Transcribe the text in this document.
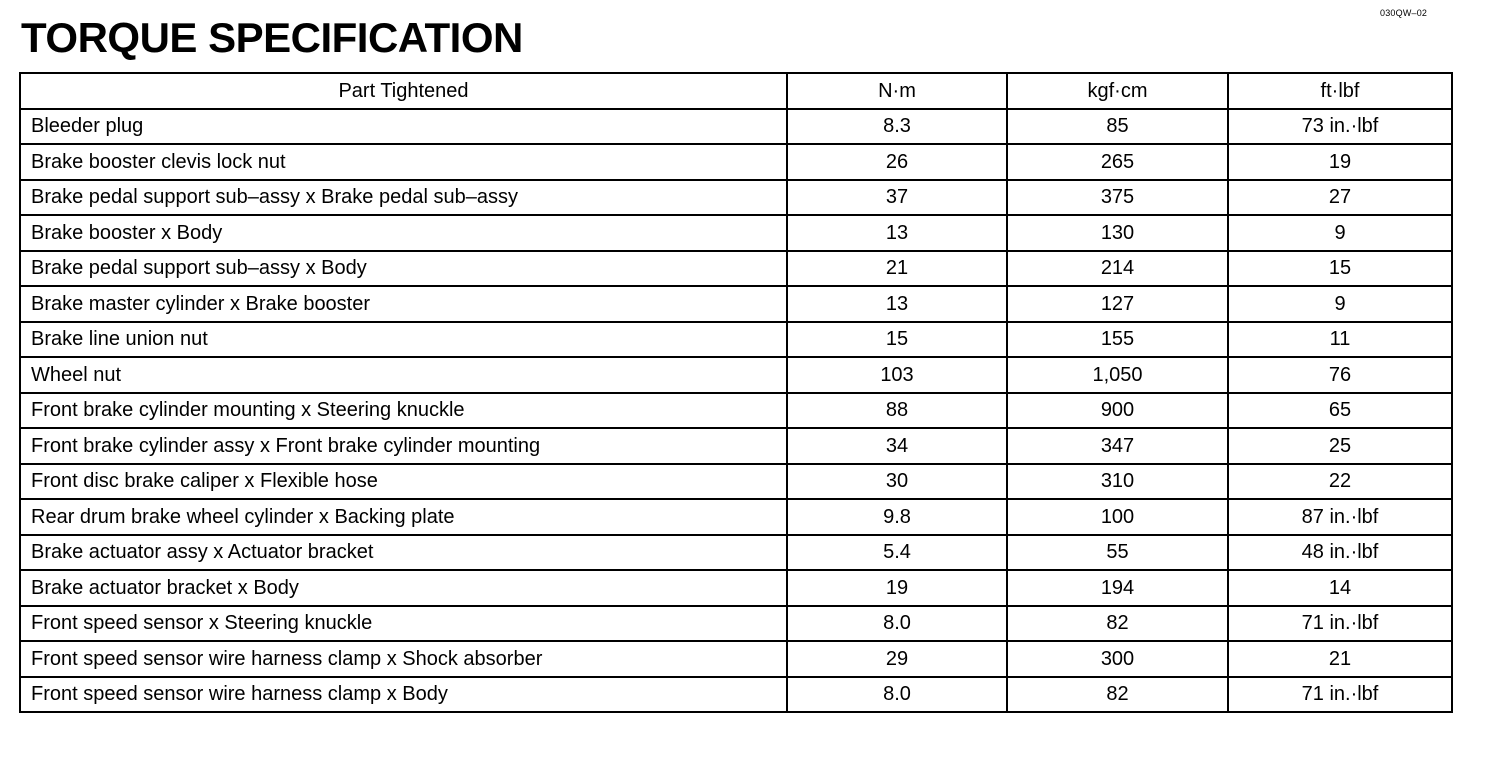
030QW–02
TORQUE SPECIFICATION
Part Tightened	N·m	kgf·cm	ft·lbf
Bleeder plug	8.3	85	73 in.·lbf
Brake booster clevis lock nut	26	265	19
Brake pedal support sub–assy x Brake pedal sub–assy	37	375	27
Brake booster x Body	13	130	9
Brake pedal support sub–assy x Body	21	214	15
Brake master cylinder x Brake booster	13	127	9
Brake line union nut	15	155	11
Wheel nut	103	1,050	76
Front brake cylinder mounting x Steering knuckle	88	900	65
Front brake cylinder assy x Front brake cylinder mounting	34	347	25
Front disc brake caliper x Flexible hose	30	310	22
Rear drum brake wheel cylinder x Backing plate	9.8	100	87 in.·lbf
Brake actuator assy x Actuator bracket	5.4	55	48 in.·lbf
Brake actuator bracket x Body	19	194	14
Front speed sensor x Steering knuckle	8.0	82	71 in.·lbf
Front speed sensor wire harness clamp x Shock absorber	29	300	21
Front speed sensor wire harness clamp x Body	8.0	82	71 in.·lbf
